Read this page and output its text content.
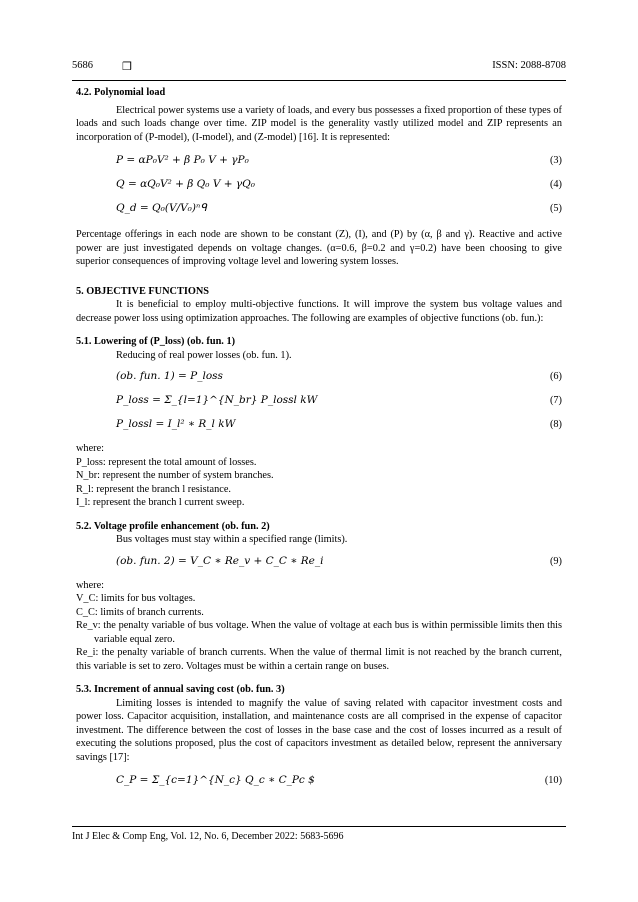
5686	❒	ISSN: 2088-8708

4.2. Polynomial load

Electrical power systems use a variety of loads, and every bus possesses a fixed proportion of these types of loads and such loads change over time. ZIP model is the generality vastly utilized model and ZIP represents an incorporation of (P-model), (I-model), and (Z-model) [16]. It is represented:

P = αP₀V² + β P₀ V + γP₀	(3)
Q = αQ₀V² + β Q₀ V + γQ₀	(4)
Q_d = Q₀(V/V₀)ⁿᑫ	(5)

Percentage offerings in each node are shown to be constant (Z), (I), and (P) by (α, β and γ). Reactive and active power are just investigated depends on voltage changes. (α=0.6, β=0.2 and γ=0.2) have been choosing to give superior consequences of improving voltage level and lowering system losses.

5. OBJECTIVE FUNCTIONS

It is beneficial to employ multi-objective functions. It will improve the system bus voltage values and decrease power loss using optimization approaches. The following are examples of objective functions (ob. fun.):

5.1. Lowering of (P_loss) (ob. fun. 1)

Reducing of real power losses (ob. fun. 1).

(ob. fun. 1) = P_loss	(6)
P_loss = Σ_{l=1}^{N_br} P_lossl kW	(7)
P_lossl = I_l² ∗ R_l kW	(8)

where:

P_loss: represent the total amount of losses.

N_br: represent the number of system branches.

R_l: represent the branch l resistance.

I_l: represent the branch l current sweep.

5.2. Voltage profile enhancement (ob. fun. 2)

Bus voltages must stay within a specified range (limits).

(ob. fun. 2) = V_C ∗ Re_v + C_C ∗ Re_i	(9)

where:

V_C: limits for bus voltages.

C_C: limits of branch currents.

Re_v: the penalty variable of bus voltage. When the value of voltage at each bus is within permissible limits then this variable equal zero.

Re_i: the penalty variable of branch currents. When the value of thermal limit is not reached by the branch current, this variable is set to zero. Voltages must be within a certain range on buses.

5.3. Increment of annual saving cost (ob. fun. 3)

Limiting losses is intended to magnify the value of saving related with capacitor investment costs and power loss. Capacitor acquisition, installation, and maintenance costs are all comprised in the expense of capacitor investment. The difference between the cost of losses in the base case and the cost of losses incurred as a result of executing the solutions proposed, plus the cost of capacitors investment as detailed below, represent the anniversary savings [17]:

C_P = Σ_{c=1}^{N_c} Q_c ∗ C_Pc $	(10)
Int J Elec & Comp Eng, Vol. 12, No. 6, December 2022: 5683-5696
